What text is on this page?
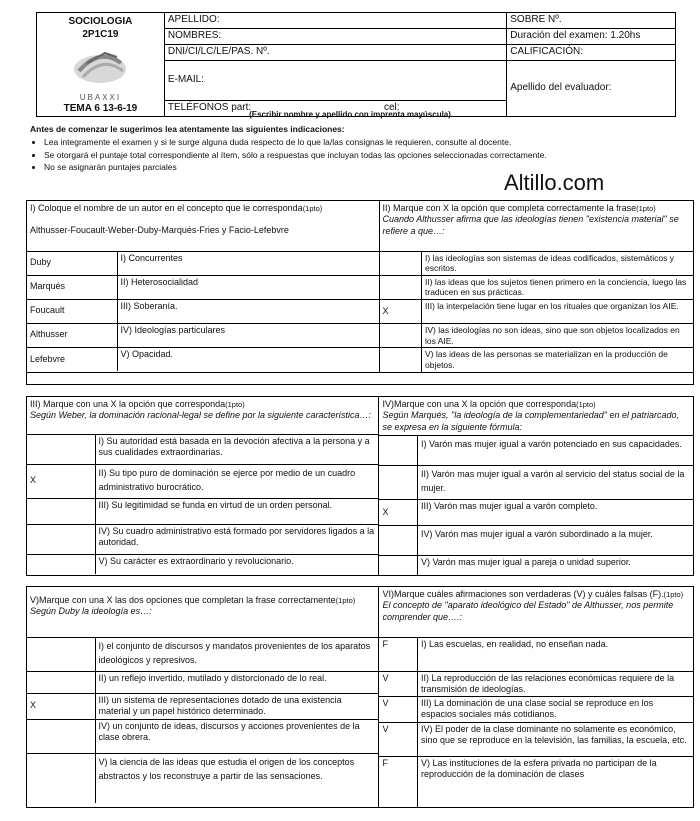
SOCIOLOGIA
2P1C19
UBAXXI
TEMA 6 13-6-19	APELLIDO:	SOBRE Nº.
	NOMBRES:	Duración del examen: 1.20hs
	DNI/CI/LC/LE/PAS. Nº.	CALIFICACIÓN:
	E-MAIL:	Apellido del evaluador:
	TELÉFONOS part: cel:	
(Escribir nombre y apellido con imprenta mayúscula)
Antes de comenzar le sugerimos lea atentamente las siguientes indicaciones:
• Lea integramente el examen y si le surge alguna duda respecto de lo que la/las consignas le requieren, consulte al docente.
• Se otorgará el puntaje total correspondiente al ítem, sólo a respuestas que incluyan todas las opciones seleccionadas correctamente.
• No se asignarán puntajes parciales
Altillo.com
I) Coloque el nombre de un autor en el concepto que le corresponda(1pto)
Althusser-Foucault-Weber-Duby-Marqués-Fries y Facio-Lefebvre

Duby	I) Concurrentes
Marqués	II) Heterosocialidad
Foucault	III) Soberanía.
Althusser	IV) Ideologías particulares
Lefebvre	V) Opacidad.

II) Marque con X la opción que completa correctamente la frase(1pto)
Cuando Althusser afirma que las ideologías tienen "existencia material" se refiere a que…:

	I) las ideologías son sistemas de ideas codificados, sistemáticos y escritos.
	II) las ideas que los sujetos tienen primero en la conciencia, luego las traducen en sus prácticas.
X	III) la interpelación tiene lugar en los rituales que organizan los AIE.
	IV) las ideologías no son ideas, sino que son objetos localizados en los AIE.
	V) las ideas de las personas se materializan en la producción de objetos.

III) Marque con una X la opción que corresponda(1pto)
Según Weber, la dominación racional-legal se define por la siguiente característica…:

	I) Su autoridad está basada en la devoción afectiva a la persona y a sus cualidades extraordinarias.
X	II) Su tipo puro de dominación se ejerce por medio de un cuadro administrativo burocrático.
	III) Su legitimidad se funda en virtud de un orden personal.
	IV) Su cuadro administrativo está formado por servidores ligados a la autoridad.
	V) Su carácter es extraordinario y revolucionario.

IV)Marque con una X la opción que corresponda(1pto)
Según Marqués, "la ideología de la complementariedad" en el patriarcado, se expresa en la siguiente fórmula:

	I) Varón mas mujer igual a varón potenciado en sus capacidades.
	II) Varón mas mujer igual a varón al servicio del status social de la mujer.
X	III) Varón mas mujer igual a varón completo.
	IV) Varón mas mujer igual a varón subordinado a la mujer.
	V) Varón mas mujer igual a pareja o unidad superior.
V)Marque con una X las dos opciones que completan la frase correctamente(1pto)
Según Duby la ideología es…:

	I) el conjunto de discursos y mandatos provenientes de los aparatos ideológicos y represivos.
	II) un reflejo invertido, mutilado y distorcionado de lo real.
X	III) un sistema de representaciones dotado de una existencia material y un papel histórico determinado.
	IV) un conjunto de ideas, discursos y acciones provenientes de la clase obrera.
	V) la ciencia de las ideas que estudia el origen de los conceptos abstractos y los reconstruye a partir de las sensaciones.

VI)Marque cuáles afirmaciones son verdaderas (V) y cuáles falsas (F).(1pto)
El concepto de "aparato ideológico del Estado" de Althusser, nos permite comprender que….:

F	I) Las escuelas, en realidad, no enseñan nada.
V	II) La reproducción de las relaciones económicas requiere de la transmisión de ideologías.
V	III) La dominación de una clase social se reproduce en los espacios sociales más cotidianos.
V	IV) El poder de la clase dominante no solamente es económico, sino que se reproduce en la televisión, las familias, la escuela, etc.
F	V) Las instituciones de la esfera privada no participan de la reproducción de la dominación de clases
